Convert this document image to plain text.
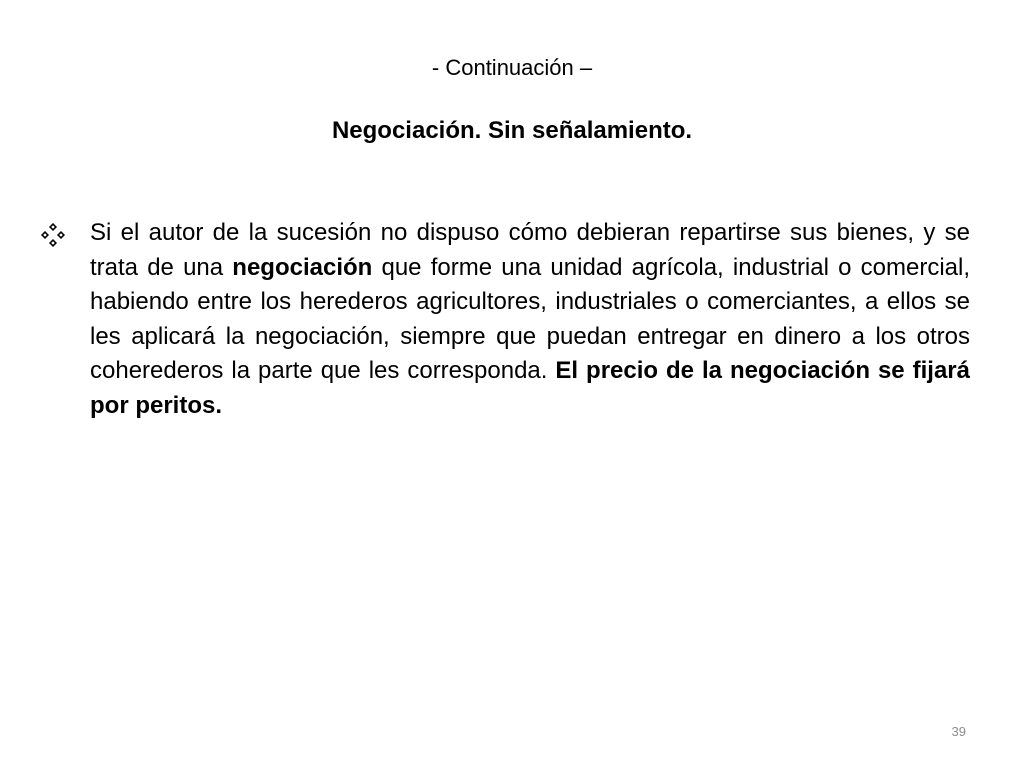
- Continuación –
Negociación. Sin señalamiento.

Si el autor de la sucesión no dispuso cómo debieran repartirse sus bienes, y se trata de una negociación que forme una unidad agrícola, industrial o comercial, habiendo entre los herederos agricultores, industriales o comerciantes, a ellos se les aplicará la negociación, siempre que puedan entregar en dinero a los otros coherederos la parte que les corresponda. El precio de la negociación se fijará por peritos.

39
